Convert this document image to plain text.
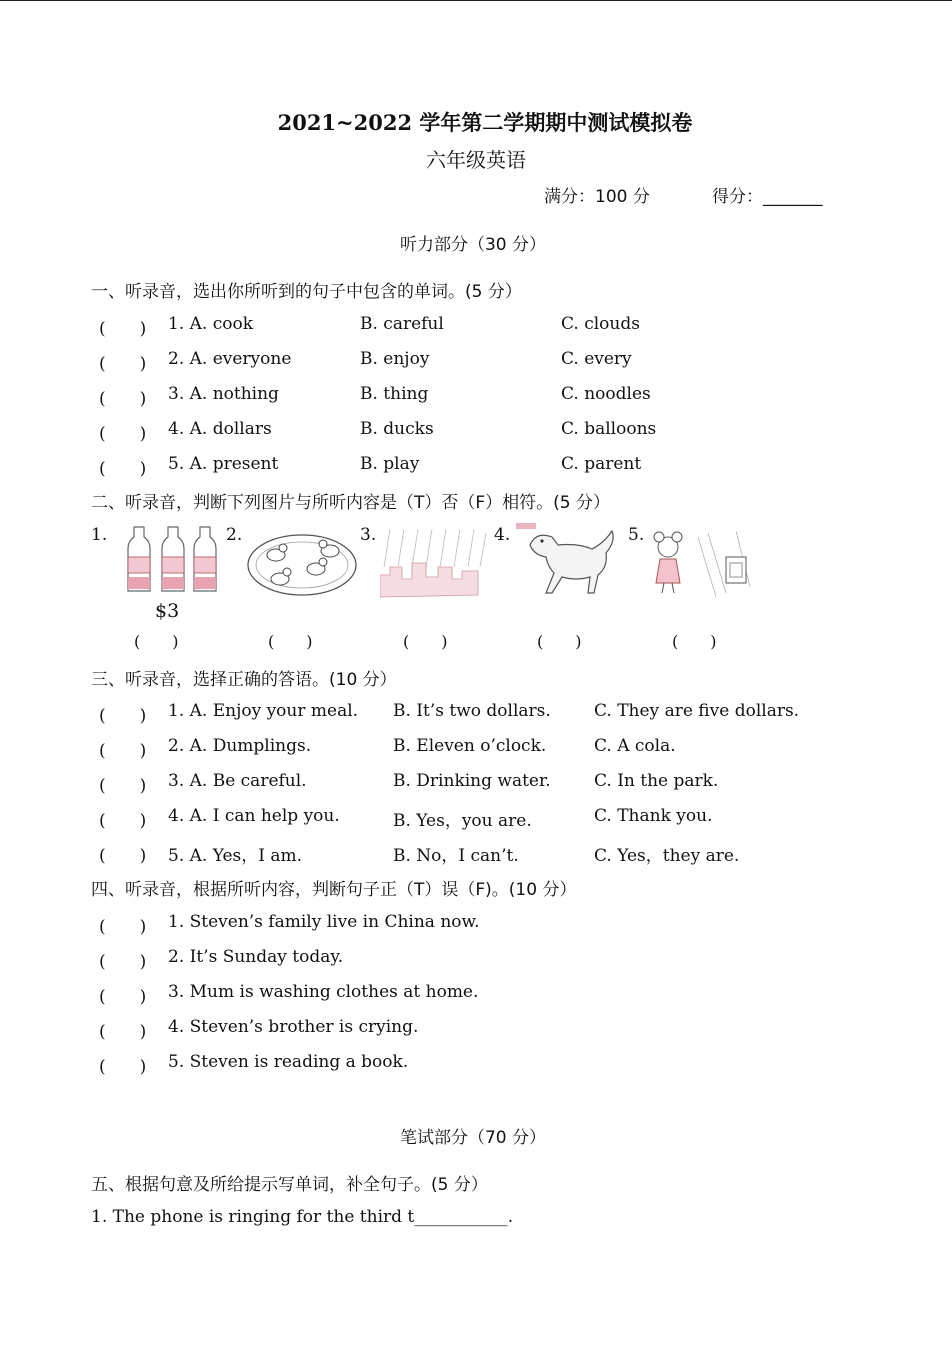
2021~2022 学年第二学期期中测试模拟卷
六年级英语
满分：100 分	得分：_______
听力部分（30 分）
一、听录音，选出你所听到的句子中包含的单词。(5 分）
(　　) 1. A. cook	B. careful	C. clouds
(　　) 2. A. everyone	B. enjoy	C. every
(　　) 3. A. nothing	B. thing	C. noodles
(　　) 4. A. dollars	B. ducks	C. balloons
(　　) 5. A. present	B. play	C. parent
二、听录音，判断下列图片与所听内容是（T）否（F）相符。(5 分）
1.
$3
(　　)
2.
(　　)
3.
(　　)
4.
(　　)
5.
(　　)
三、听录音，选择正确的答语。(10 分）
(　　) 1. A. Enjoy your meal. B. It’s two dollars.	C. They are five dollars.
(　　) 2. A. Dumplings.	B. Eleven o’clock.	C. A cola.
(　　) 3. A. Be careful.	B. Drinking water.	C. In the park.
(　　) 4. A. I can help you.	B. Yes，you are.	C. Thank you.
(　　) 5. A. Yes，I am.	B. No，I can’t.	C. Yes，they are.
四、听录音，根据所听内容，判断句子正（T）误（F)。(10 分）
(　　) 1. Steven’s family live in China now.
(　　) 2. It’s Sunday today.
(　　) 3. Mum is washing clothes at home.
(　　) 4. Steven’s brother is crying.
(　　) 5. Steven is reading a book.
笔试部分（70 分）
五、根据句意及所给提示写单词，补全句子。(5 分）
1. The phone is ringing for the third t___________.
